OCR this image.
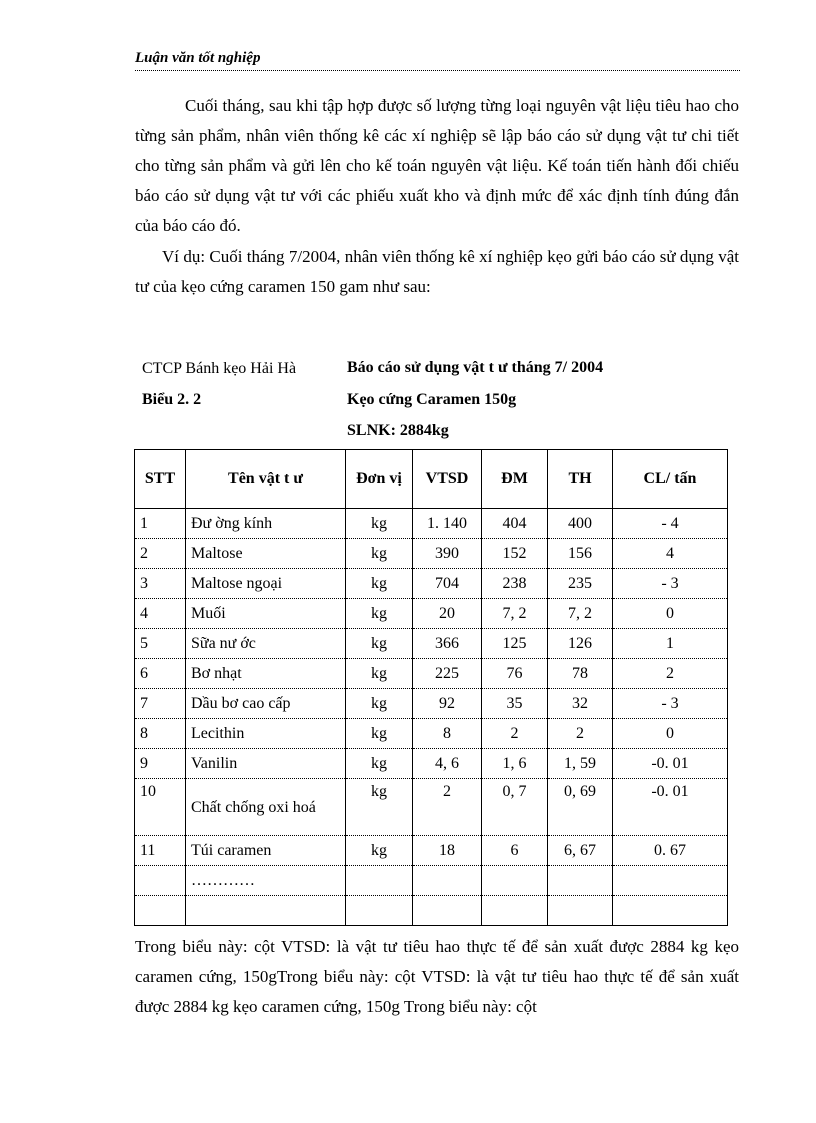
Luận văn tốt nghiệp
Cuối tháng, sau khi tập hợp được số lượng từng loại nguyên vật liệu tiêu hao cho từng sản phẩm, nhân viên thống kê các xí nghiệp sẽ lập báo cáo sử dụng vật tư chi tiết cho từng sản phẩm và gửi lên cho kế toán nguyên vật liệu. Kế toán tiến hành đối chiếu báo cáo sử dụng vật tư với các phiếu xuất kho và định mức để xác định tính đúng đắn của báo cáo đó.
Ví dụ: Cuối tháng 7/2004, nhân viên thống kê xí nghiệp kẹo gửi báo cáo sử dụng vật tư của kẹo cứng caramen 150 gam như sau:
CTCP Bánh kẹo Hải Hà
Biểu 2. 2
Báo cáo sử dụng vật t ư tháng 7/ 2004
Kẹo cứng Caramen 150g
SLNK: 2884kg
STT	Tên vật t ư	Đơn vị	VTSD	ĐM	TH	CL/ tấn
1	Đư ờng kính	kg	1. 140	404	400	- 4
2	Maltose	kg	390	152	156	4
3	Maltose ngoại	kg	704	238	235	- 3
4	Muối	kg	20	7, 2	7, 2	0
5	Sữa nư ớc	kg	366	125	126	1
6	Bơ nhạt	kg	225	76	78	2
7	Dầu bơ cao cấp	kg	92	35	32	- 3
8	Lecithin	kg	8	2	2	0
9	Vanilin	kg	4, 6	1, 6	1, 59	-0. 01
10	Chất chống oxi hoá	kg	2	0, 7	0, 69	-0. 01
11	Túi caramen	kg	18	6	6, 67	0. 67
	…………					

Trong biểu này: cột VTSD: là vật tư tiêu hao thực tế để sản xuất được 2884 kg kẹo caramen cứng, 150gTrong biểu này: cột VTSD: là vật tư tiêu hao thực tế để sản xuất được 2884 kg kẹo caramen cứng, 150g Trong biểu này: cột
